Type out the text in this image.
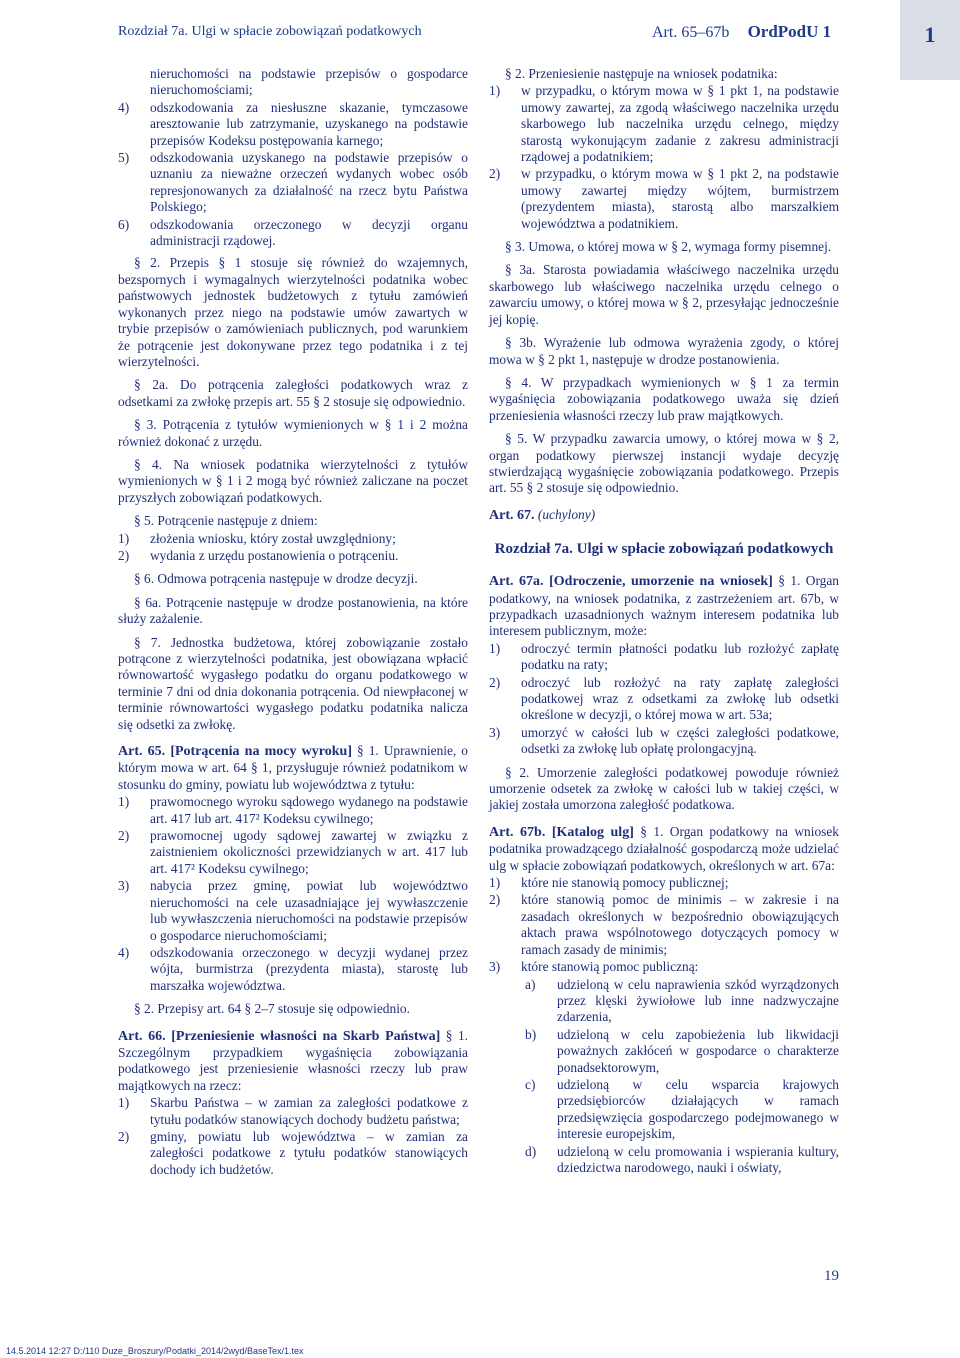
Rozdział 7a. Ulgi w spłacie zobowiązań podatkowych	Art. 65–67b OrdPodU 1	1
nieruchomości na podstawie przepisów o gospodarce nieruchomościami;
4)	odszkodowania za niesłuszne skazanie, tymczasowe aresztowanie lub zatrzymanie, uzyskanego na podstawie przepisów Kodeksu postępowania karnego;
5)	odszkodowania uzyskanego na podstawie przepisów o uznaniu za nieważne orzeczeń wydanych wobec osób represjonowanych za działalność na rzecz bytu Państwa Polskiego;
6)	odszkodowania orzeczonego w decyzji organu administracji rządowej.

§ 2. Przepis § 1 stosuje się również do wzajemnych, bezspornych i wymagalnych wierzytelności podatnika wobec państwowych jednostek budżetowych z tytułu zamówień wykonanych przez niego na podstawie umów zawartych w trybie przepisów o zamówieniach publicznych, pod warunkiem że potrącenie jest dokonywane przez tego podatnika i z tej wierzytelności.

§ 2a. Do potrącenia zaległości podatkowych wraz z odsetkami za zwłokę przepis art. 55 § 2 stosuje się odpowiednio.

§ 3. Potrącenia z tytułów wymienionych w § 1 i 2 można również dokonać z urzędu.

§ 4. Na wniosek podatnika wierzytelności z tytułów wymienionych w § 1 i 2 mogą być również zaliczane na poczet przyszłych zobowiązań podatkowych.

§ 5. Potrącenie następuje z dniem:

1)	złożenia wniosku, który został uwzględniony;
2)	wydania z urzędu postanowienia o potrąceniu.

§ 6. Odmowa potrącenia następuje w drodze decyzji.

§ 6a. Potrącenie następuje w drodze postanowienia, na które służy zażalenie.

§ 7. Jednostka budżetowa, której zobowiązanie zostało potrącone z wierzytelności podatnika, jest obowiązana wpłacić równowartość wygasłego podatku do organu podatkowego w terminie 7 dni od dnia dokonania potrącenia. Od niewpłaconej w terminie równowartości wygasłego podatku podatnika nalicza się odsetki za zwłokę.

Art. 65. [Potrącenia na mocy wyroku] § 1. Uprawnienie, o którym mowa w art. 64 § 1, przysługuje również podatnikom w stosunku do gminy, powiatu lub województwa z tytułu:

1)	prawomocnego wyroku sądowego wydanego na podstawie art. 417 lub art. 417² Kodeksu cywilnego;
2)	prawomocnej ugody sądowej zawartej w związku z zaistnieniem okoliczności przewidzianych w art. 417 lub art. 417² Kodeksu cywilnego;
3)	nabycia przez gminę, powiat lub województwo nieruchomości na cele uzasadniające jej wywłaszczenie lub wywłaszczenia nieruchomości na podstawie przepisów o gospodarce nieruchomościami;
4)	odszkodowania orzeczonego w decyzji wydanej przez wójta, burmistrza (prezydenta miasta), starostę lub marszałka województwa.

§ 2. Przepisy art. 64 § 2–7 stosuje się odpowiednio.

Art. 66. [Przeniesienie własności na Skarb Państwa] § 1. Szczególnym przypadkiem wygaśnięcia zobowiązania podatkowego jest przeniesienie własności rzeczy lub praw majątkowych na rzecz:

1)	Skarbu Państwa – w zamian za zaległości podatkowe z tytułu podatków stanowiących dochody budżetu państwa;
2)	gminy, powiatu lub województwa – w zamian za zaległości podatkowe z tytułu podatków stanowiących dochody ich budżetów.

§ 2. Przeniesienie następuje na wniosek podatnika:

1)	w przypadku, o którym mowa w § 1 pkt 1, na podstawie umowy zawartej, za zgodą właściwego naczelnika urzędu skarbowego lub naczelnika urzędu celnego, między starostą wykonującym zadanie z zakresu administracji rządowej a podatnikiem;
2)	w przypadku, o którym mowa w § 1 pkt 2, na podstawie umowy zawartej między wójtem, burmistrzem (prezydentem miasta), starostą albo marszałkiem województwa a podatnikiem.

§ 3. Umowa, o której mowa w § 2, wymaga formy pisemnej.

§ 3a. Starosta powiadamia właściwego naczelnika urzędu skarbowego lub właściwego naczelnika urzędu celnego o zawarciu umowy, o której mowa w § 2, przesyłając jednocześnie jej kopię.

§ 3b. Wyrażenie lub odmowa wyrażenia zgody, o której mowa w § 2 pkt 1, następuje w drodze postanowienia.

§ 4. W przypadkach wymienionych w § 1 za termin wygaśnięcia zobowiązania podatkowego uważa się dzień przeniesienia własności rzeczy lub praw majątkowych.

§ 5. W przypadku zawarcia umowy, o której mowa w § 2, organ podatkowy pierwszej instancji wydaje decyzję stwierdzającą wygaśnięcie zobowiązania podatkowego. Przepis art. 55 § 2 stosuje się odpowiednio.

Art. 67. (uchylony)

Rozdział 7a. Ulgi w spłacie zobowiązań podatkowych

Art. 67a. [Odroczenie, umorzenie na wniosek] § 1. Organ podatkowy, na wniosek podatnika, z zastrzeżeniem art. 67b, w przypadkach uzasadnionych ważnym interesem podatnika lub interesem publicznym, może:

1)	odroczyć termin płatności podatku lub rozłożyć zapłatę podatku na raty;
2)	odroczyć lub rozłożyć na raty zapłatę zaległości podatkowej wraz z odsetkami za zwłokę lub odsetki określone w decyzji, o której mowa w art. 53a;
3)	umorzyć w całości lub w części zaległości podatkowe, odsetki za zwłokę lub opłatę prolongacyjną.

§ 2. Umorzenie zaległości podatkowej powoduje również umorzenie odsetek za zwłokę w całości lub w takiej części, w jakiej została umorzona zaległość podatkowa.

Art. 67b. [Katalog ulg] § 1. Organ podatkowy na wniosek podatnika prowadzącego działalność gospodarczą może udzielać ulg w spłacie zobowiązań podatkowych, określonych w art. 67a:

1)	które nie stanowią pomocy publicznej;
2)	które stanowią pomoc de minimis – w zakresie i na zasadach określonych w bezpośrednio obowiązujących aktach prawa wspólnotowego dotyczących pomocy w ramach zasady de minimis;
3)	które stanowią pomoc publiczną:
a)	udzieloną w celu naprawienia szkód wyrządzonych przez klęski żywiołowe lub inne nadzwyczajne zdarzenia,
b)	udzieloną w celu zapobieżenia lub likwidacji poważnych zakłóceń w gospodarce o charakterze ponadsektorowym,
c)	udzieloną w celu wsparcia krajowych przedsiębiorców działających w ramach przedsięwzięcia gospodarczego podejmowanego w interesie europejskim,
d)	udzieloną w celu promowania i wspierania kultury, dziedzictwa narodowego, nauki i oświaty,
19
14.5.2014 12:27 D:/110 Duze_Broszury/Podatki_2014/2wyd/BaseTex/1.tex
